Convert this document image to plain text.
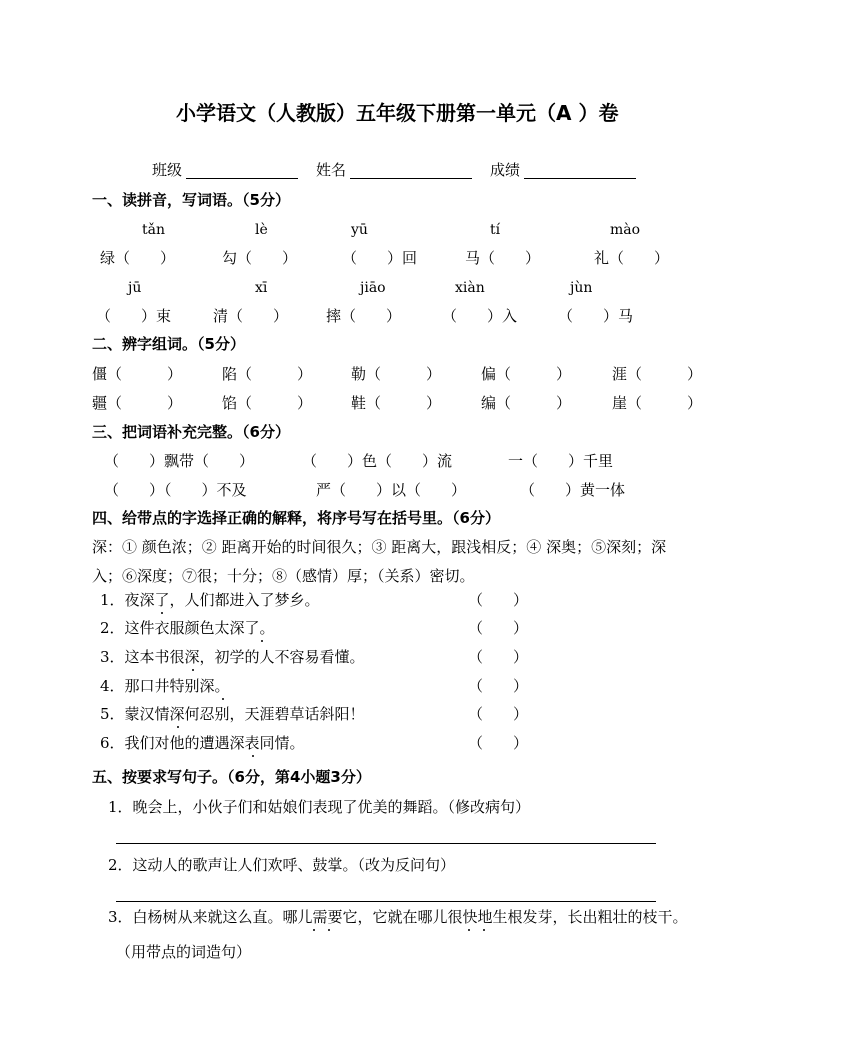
小学语文（人教版）五年级下册第一单元（A ）卷
班级	姓名	成绩
一、读拼音，写词语。（5分）
tǎn	lè	yū	tí	mào
绿（　　）	勾（　　）	（　　）回	马（　　）	礼（　　）
jū	xī	jiāo	xiàn	jùn
（　　）束	清（　　）	摔（　　）	（　　）入	（　　）马
二、辨字组词。（5分）
僵（　　　）	陷（　　　）	勒（　　　）	偏（　　　）	涯（　　　）
疆（　　　）	馅（　　　）	鞋（　　　）	编（　　　）	崖（　　　）
三、把词语补充完整。（6分）
（　　）飘带（　　）	（　　）色（　　）流	一（　　）千里
（　　）（　　）不及	严（　　）以（　　）	（　　）黄一体
四、给带点的字选择正确的解释，将序号写在括号里。（6分）
深：① 颜色浓；② 距离开始的时间很久；③ 距离大，跟浅相反；④ 深奥；⑤深刻；深
入；⑥深度；⑦很；十分；⑧（感情）厚；（关系）密切。
1．夜深了，人们都进入了梦乡。	（　　）
2．这件衣服颜色太深了。	（　　）
3．这本书很深，初学的人不容易看懂。	（　　）
4．那口井特别深。	（　　）
5．蒙汉情深何忍别，天涯碧草话斜阳！	（　　）
6．我们对他的遭遇深表同情。	（　　）
五、按要求写句子。（6分，第4小题3分）
1．晚会上，小伙子们和姑娘们表现了优美的舞蹈。（修改病句）
2．这动人的歌声让人们欢呼、鼓掌。（改为反问句）
3．白杨树从来就这么直。哪儿需要它，它就在哪儿很快地生根发芽，长出粗壮的枝干。
（用带点的词造句）
